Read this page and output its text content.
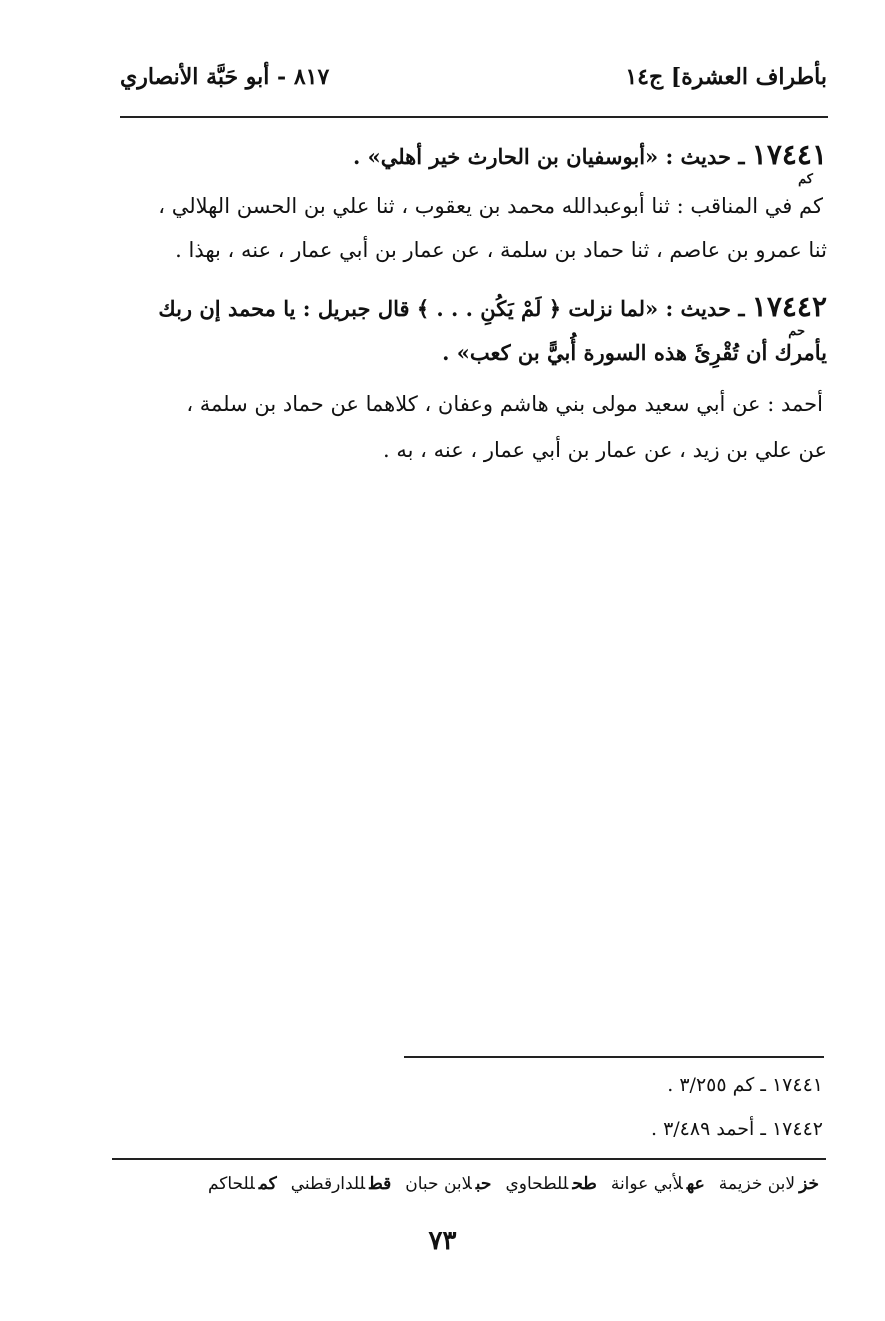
بأطراف العشرة] ج١٤
٨١٧ - أبو حَبَّة الأنصاري
١٧٤٤١ ـ حديث : «أبوسفيان بن الحارث خير أهلي» .
كم
كم في المناقب : ثنا أبوعبدالله محمد بن يعقوب ، ثنا علي بن الحسن الهلالي ،
ثنا عمرو بن عاصم ، ثنا حماد بن سلمة ، عن عمار بن أبي عمار ، عنه ، بهذا .
١٧٤٤٢ ـ حديث : «لما نزلت ﴿ لَمْ يَكُنِ . . . ﴾ قال جبريل : يا محمد إن ربك
حم
يأمرك أن تُقْرِئَ هذه السورة أُبيًّ بن كعب» .
أحمد : عن أبي سعيد مولى بني هاشم وعفان ، كلاهما عن حماد بن سلمة ،
عن علي بن زيد ، عن عمار بن أبي عمار ، عنه ، به .
١٧٤٤١ ـ كم ٣/٢٥٥ .
١٧٤٤٢ ـ أحمد ٣/٤٨٩ .
خزلابن خزيمة
عهلأبي عوانة
طحللطحاوي
حبلابن حبان
قطللدارقطني
كمللحاكم
٧٣
